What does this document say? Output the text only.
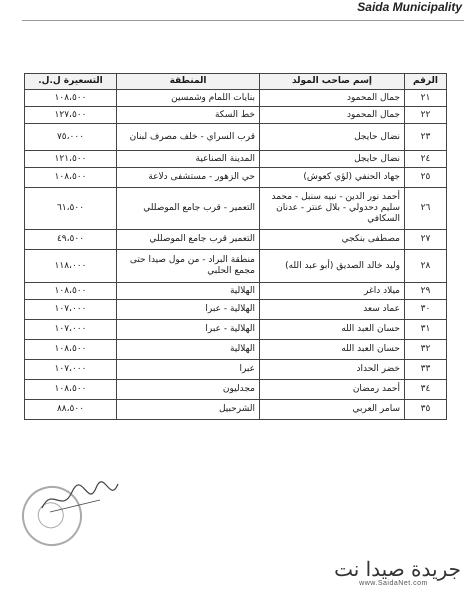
Saida Municipality
الرقم	إسم صاحب المولد	المنطقة	التسعيرة ل.ل.
٢١	جمال المحمود	بنايات اللمام وشمسين	١٠٨،٥٠٠
٢٢	جمال المحمود	خط السكة	١٢٧،٥٠٠
٢٣	نضال حايجل	قرب السراي - خلف مصرف لبنان	٧٥،٠٠٠
٢٤	نضال حايجل	المدينة الصناعية	١٢١،٥٠٠
٢٥	جهاد الحنفي (لؤي كعوش)	حي الزهور - مستشفى دلاعة	١٠٨،٥٠٠
٢٦	أحمد نور الدين - نبيه سنبل - محمد سليم دحدولي - بلال عنتر - عدنان السكافي	التعمير - قرب جامع الموصللي	٦١،٥٠٠
٢٧	مصطفى بنكجي	التعمير قرب جامع الموصللي	٤٩،٥٠٠
٢٨	وليد خالد الصديق (أبو عبد الله)	منطقة البراد - من مول صيدا حتى مجمع الحلبي	١١٨،٠٠٠
٢٩	ميلاد داغر	الهلالية	١٠٨،٥٠٠
٣٠	عماد سعد	الهلالية - عبرا	١٠٧،٠٠٠
٣١	حسان العبد الله	الهلالية - عبرا	١٠٧،٠٠٠
٣٢	حسان العبد الله	الهلالية	١٠٨،٥٠٠
٣٣	خضر الحداد	عبرا	١٠٧،٠٠٠
٣٤	أحمد رمضان	مجدليون	١٠٨،٥٠٠
٣٥	سامر العربي	الشرحبيل	٨٨،٥٠٠
جريدة صيدا نت
www.SaidaNet.com
